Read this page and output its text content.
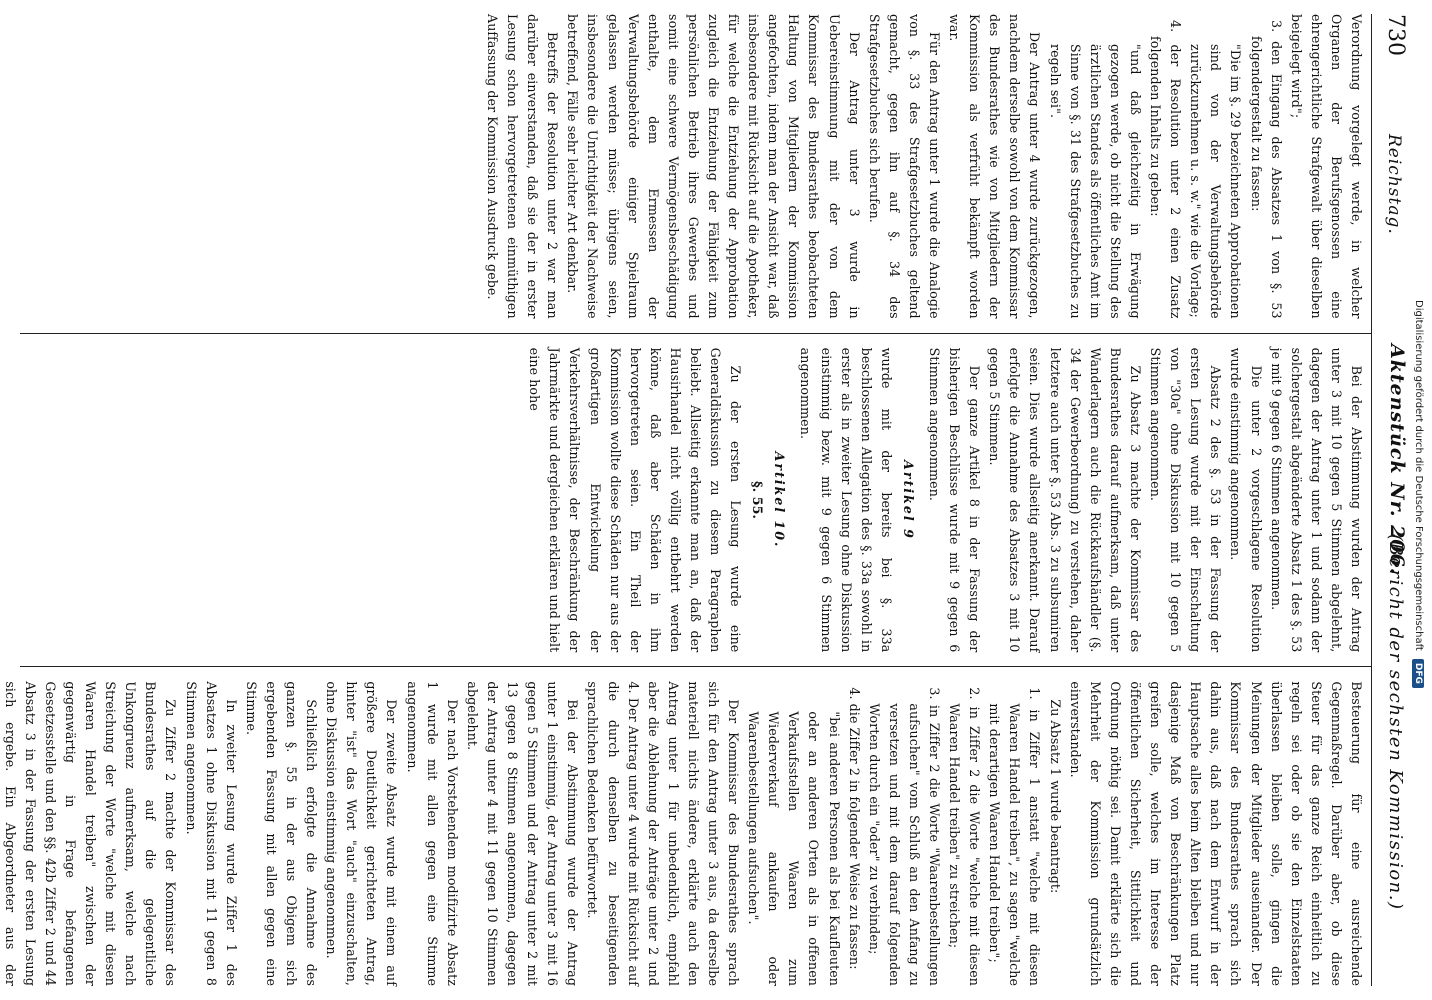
730
Reichstag.
Aktenstück Nr. 206.
(Bericht der sechsten Kommission.)

Verordnung vorgelegt werde, in welcher Organen der Berufsgenossen eine ehrengerichtliche Strafgewalt über dieselben beigelegt wird";

3. den Eingang des Absatzes 1 von §. 53 folgendergestalt zu fassen:

"Die im §. 29 bezeichneten Approbationen sind von der Verwaltungsbehörde zurückzunehmen u. s. w." wie die Vorlage;

4. der Resolution unter 2 einen Zusatz folgenden Inhalts zu geben:

"und daß gleichzeitig in Erwägung gezogen werde, ob nicht die Stellung des ärztlichen Standes als öffentliches Amt im Sinne von §. 31 des Strafgesetzbuches zu regeln sei".

Der Antrag unter 4 wurde zurückgezogen, nachdem derselbe sowohl von dem Kommissar des Bundesrathes wie von Mitgliedern der Kommission als verfrüht bekämpft worden war.

Für den Antrag unter 1 wurde die Analogie von §. 33 des Strafgesetzbuches geltend gemacht, gegen ihn auf §. 34 des Strafgesetzbuches sich berufen.

Der Antrag unter 3 wurde in Uebereinstimmung mit der von dem Kommissar des Bundesrathes beobachteten Haltung von Mitgliedern der Kommission angefochten, indem man der Ansicht war, daß insbesondere mit Rücksicht auf die Apotheker, für welche die Entziehung der Approbation zugleich die Entziehung der Fähigkeit zum persönlichen Betrieb ihres Gewerbes und somit eine schwere Vermögensbeschädigung enthalte, dem Ermessen der Verwaltungsbehörde einiger Spielraum gelassen werden müsse; übrigens seien, insbesondere die Unrichtigkeit der Nachweise betreffend, Fälle sehr leichter Art denkbar.

Betreffs der Resolution unter 2 war man darüber einverstanden, daß sie der in erster Lesung schon hervorgetretenen einmüthigen Auffassung der Kommission Ausdruck gebe.

Bei der Abstimmung wurden der Antrag unter 3 mit 10 gegen 5 Stimmen abgelehnt, dagegen der Antrag unter 1 und sodann der solchergestalt abgeänderte Absatz 1 des §. 53 je mit 9 gegen 6 Stimmen angenommen.

Die unter 2 vorgeschlagene Resolution wurde einstimmig angenommen.

Absatz 2 des §. 53 in der Fassung der ersten Lesung wurde mit der Einschaltung von "30a" ohne Diskussion mit 10 gegen 5 Stimmen angenommen.

Zu Absatz 3 machte der Kommissar des Bundesrathes darauf aufmerksam, daß unter Wanderlagern auch die Rückkaufshändler (§. 34 der Gewerbeordnung) zu verstehen, daher letztere auch unter §. 53 Abs. 3 zu subsumiren seien. Dies wurde allseitig anerkannt. Darauf erfolgte die Annahme des Absatzes 3 mit 10 gegen 5 Stimmen.

Der ganze Artikel 8 in der Fassung der bisherigen Beschlüsse wurde mit 9 gegen 6 Stimmen angenommen.

Artikel 9

wurde mit der bereits bei §. 33a beschlossenen Allegation des §. 33a sowohl in erster als in zweiter Lesung ohne Diskussion einstimmig bezw. mit 9 gegen 6 Stimmen angenommen.

Artikel 10.
§. 55.

Zu der ersten Lesung wurde eine Generaldiskussion zu diesem Paragraphen beliebt. Allseitig erkannte man an, daß der Hausirhandel nicht völlig entbehrt werden könne, daß aber Schäden in ihm hervorgetreten seien. Ein Theil der Kommission wollte diese Schäden nur aus der großartigen Entwickelung der Verkehrsverhältnisse, der Beschränkung der Jahrmärkte und dergleichen erklären und hielt eine hohe

Besteuerung für eine ausreichende Gegenmaßregel. Darüber aber, ob diese Steuer für das ganze Reich einheitlich zu regeln sei oder ob sie den Einzelstaaten überlassen bleiben solle, gingen die Meinungen der Mitglieder auseinander. Der Kommissar des Bundesrathes sprach sich dahin aus, daß nach dem Entwurf in der Hauptsache alles beim Alten bleiben und nur dasjenige Maß von Beschränkungen Platz greifen solle, welches im Interesse der öffentlichen Sicherheit, Sittlichkeit und Ordnung nöthig sei. Damit erklärte sich die Mehrheit der Kommission grundsätzlich einverstanden.

Zu Absatz 1 wurde beantragt:

1. in Ziffer 1 anstatt "welche mit diesen Waaren Handel treiben", zu sagen "welche mit derartigen Waaren Handel treiben";

2. in Ziffer 2 die Worte "welche mit diesen Waaren Handel treiben" zu streichen;

3. in Ziffer 2 die Worte "Waarenbestellungen aufsuchen" vom Schluß an den Anfang zu versetzen und mit dem darauf folgenden Worten durch ein "oder" zu verbinden;

4. die Ziffer 2 in folgender Weise zu fassen:

"bei anderen Personen als bei Kaufleuten oder an anderen Orten als in offenen Verkaufsstellen Waaren zum Wiederverkauf ankaufen oder Waarenbestellungen aufsuchen".

Der Kommissar des Bundesrathes sprach sich für den Antrag unter 3 aus, da derselbe materiell nichts ändere, erklärte auch den Antrag unter 1 für unbedenklich, empfahl aber die Ablehnung der Anträge unter 2 und 4. Der Antrag unter 4 wurde mit Rücksicht auf die durch denselben zu beseitigenden sprachlichen Bedenken befürwortet.

Bei der Abstimmung wurde der Antrag unter 1 einstimmig, der Antrag unter 3 mit 16 gegen 5 Stimmen und der Antrag unter 2 mit 13 gegen 8 Stimmen angenommen, dagegen der Antrag unter 4 mit 11 gegen 10 Stimmen abgelehnt.

Der nach Vorstehendem modifizirte Absatz 1 wurde mit allen gegen eine Stimme angenommen.

Der zweite Absatz wurde mit einem auf größere Deutlichkeit gerichteten Antrag, hinter "ist" das Wort "auch" einzuschalten, ohne Diskussion einstimmig angenommen.

Schließlich erfolgte die Annahme des ganzen §. 55 in der aus Obigem sich ergebenden Fassung mit allen gegen eine Stimme.

In zweiter Lesung wurde Ziffer 1 des Absatzes 1 ohne Diskussion mit 11 gegen 8 Stimmen angenommen.

Zu Ziffer 2 machte der Kommissar des Bundesrathes auf die gelegentliche Unkongruenz aufmerksam, welche nach Streichung der Worte "welche mit diesen Waaren Handel treiben" zwischen der gegenwärtig in Frage befangenen Gesetzesstelle und den §§. 42b Ziffer 2 und 44 Absatz 3 in der Fassung der ersten Lesung sich ergebe. Ein Abgeordneter aus der

Digitalisierung gefördert durch die Deutsche Forschungsgemeinschaft
DFG
